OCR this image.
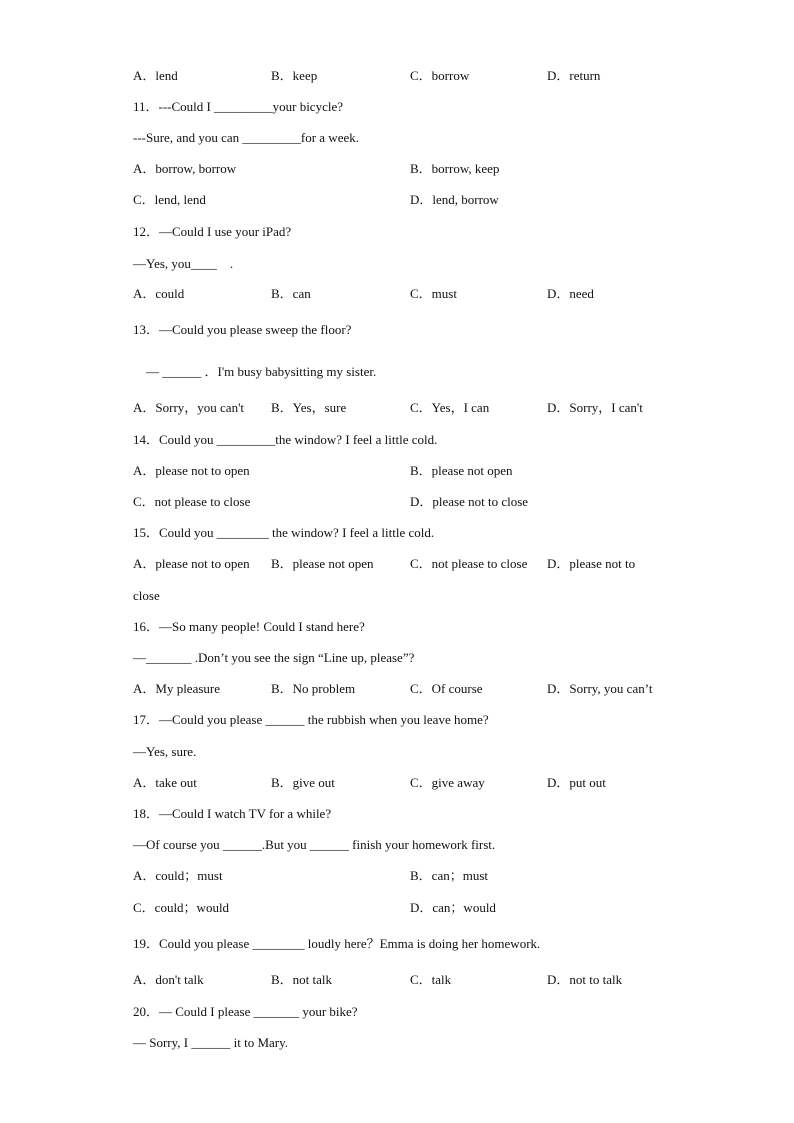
A．lend	B．keep	C．borrow	D．return
11．---Could I _________your bicycle?
---Sure, and you can _________for a week.
A．borrow, borrow	B．borrow, keep
C．lend, lend	D．lend, borrow
12．—Could I use your iPad?
—Yes, you____　.
A．could	B．can	C．must	D．need
13．—Could you please sweep the floor?
— ______ ．I'm busy babysitting my sister.
A．Sorry，you can't B．Yes，sure	C．Yes，I can	D．Sorry，I can't
14．Could you _________the window? I feel a little cold.
A．please not to open	B．please not open
C．not please to close	D．please not to close
15．Could you ________ the window? I feel a little cold.
A．please not to open B．please not open	C．not please to close D．please not to
close
16．—So many people! Could I stand here?
—_______ .Don’t you see the sign “Line up, please”?
A．My pleasure	B．No problem	C．Of course	D．Sorry, you can’t
17．—Could you please ______ the rubbish when you leave home?
—Yes, sure.
A．take out	B．give out	C．give away	D．put out
18．—Could I watch TV for a while?
—Of course you ______.But you ______ finish your homework first.
A．could；must	B．can；must
C．could；would	D．can；would
19．Could you please ________ loudly here？Emma is doing her homework.
A．don't talk	B．not talk	C．talk	D．not to talk
20．— Could I please _______ your bike?
— Sorry, I ______ it to Mary.
